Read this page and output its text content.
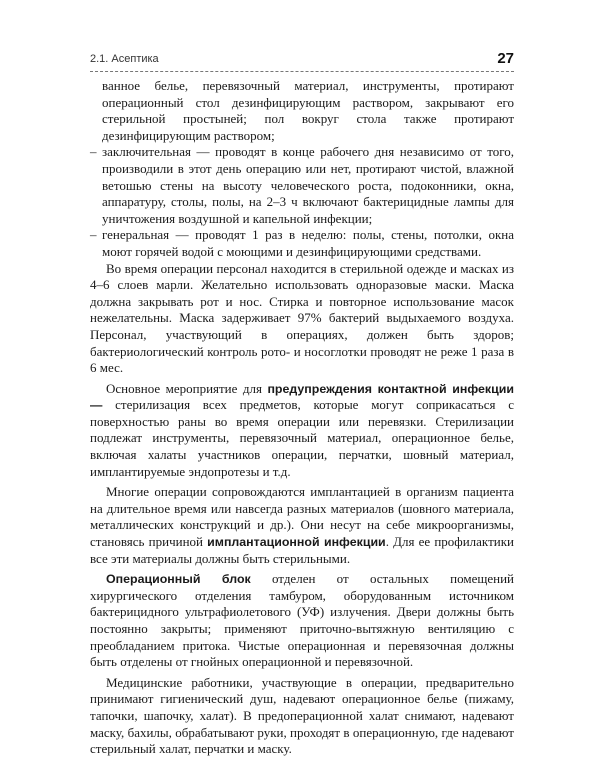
2.1. Асептика	27

ванное белье, перевязочный материал, инструменты, протирают операционный стол дезинфицирующим раствором, закрывают его стерильной простыней; пол вокруг стола также протирают дезинфицирующим раствором;

– заключительная — проводят в конце рабочего дня независимо от того, производили в этот день операцию или нет, протирают чистой, влажной ветошью стены на высоту человеческого роста, подоконники, окна, аппаратуру, столы, полы, на 2–3 ч включают бактерицидные лампы для уничтожения воздушной и капельной инфекции;
– генеральная — проводят 1 раз в неделю: полы, стены, потолки, окна моют горячей водой с моющими и дезинфицирующими средствами.

Во время операции персонал находится в стерильной одежде и масках из 4–6 слоев марли. Желательно использовать одноразовые маски. Маска должна закрывать рот и нос. Стирка и повторное использование масок нежелательны. Маска задерживает 97% бактерий выдыхаемого воздуха. Персонал, участвующий в операциях, должен быть здоров; бактериологический контроль рото- и носоглотки проводят не реже 1 раза в 6 мес.

Основное мероприятие для предупреждения контактной инфекции — стерилизация всех предметов, которые могут соприкасаться с поверхностью раны во время операции или перевязки. Стерилизации подлежат инструменты, перевязочный материал, операционное белье, включая халаты участников операции, перчатки, шовный материал, имплантируемые эндопротезы и т.д.

Многие операции сопровождаются имплантацией в организм пациента на длительное время или навсегда разных материалов (шовного материала, металлических конструкций и др.). Они несут на себе микроорганизмы, становясь причиной имплантационной инфекции. Для ее профилактики все эти материалы должны быть стерильными.

Операционный блок отделен от остальных помещений хирургического отделения тамбуром, оборудованным источником бактерицидного ультрафиолетового (УФ) излучения. Двери должны быть постоянно закрыты; применяют приточно-вытяжную вентиляцию с преобладанием притока. Чистые операционная и перевязочная должны быть отделены от гнойных операционной и перевязочной.

Медицинские работники, участвующие в операции, предварительно принимают гигиенический душ, надевают операционное белье (пижаму, тапочки, шапочку, халат). В предоперационной халат снимают, надевают маску, бахилы, обрабатывают руки, проходят в операционную, где надевают стерильный халат, перчатки и маску.
